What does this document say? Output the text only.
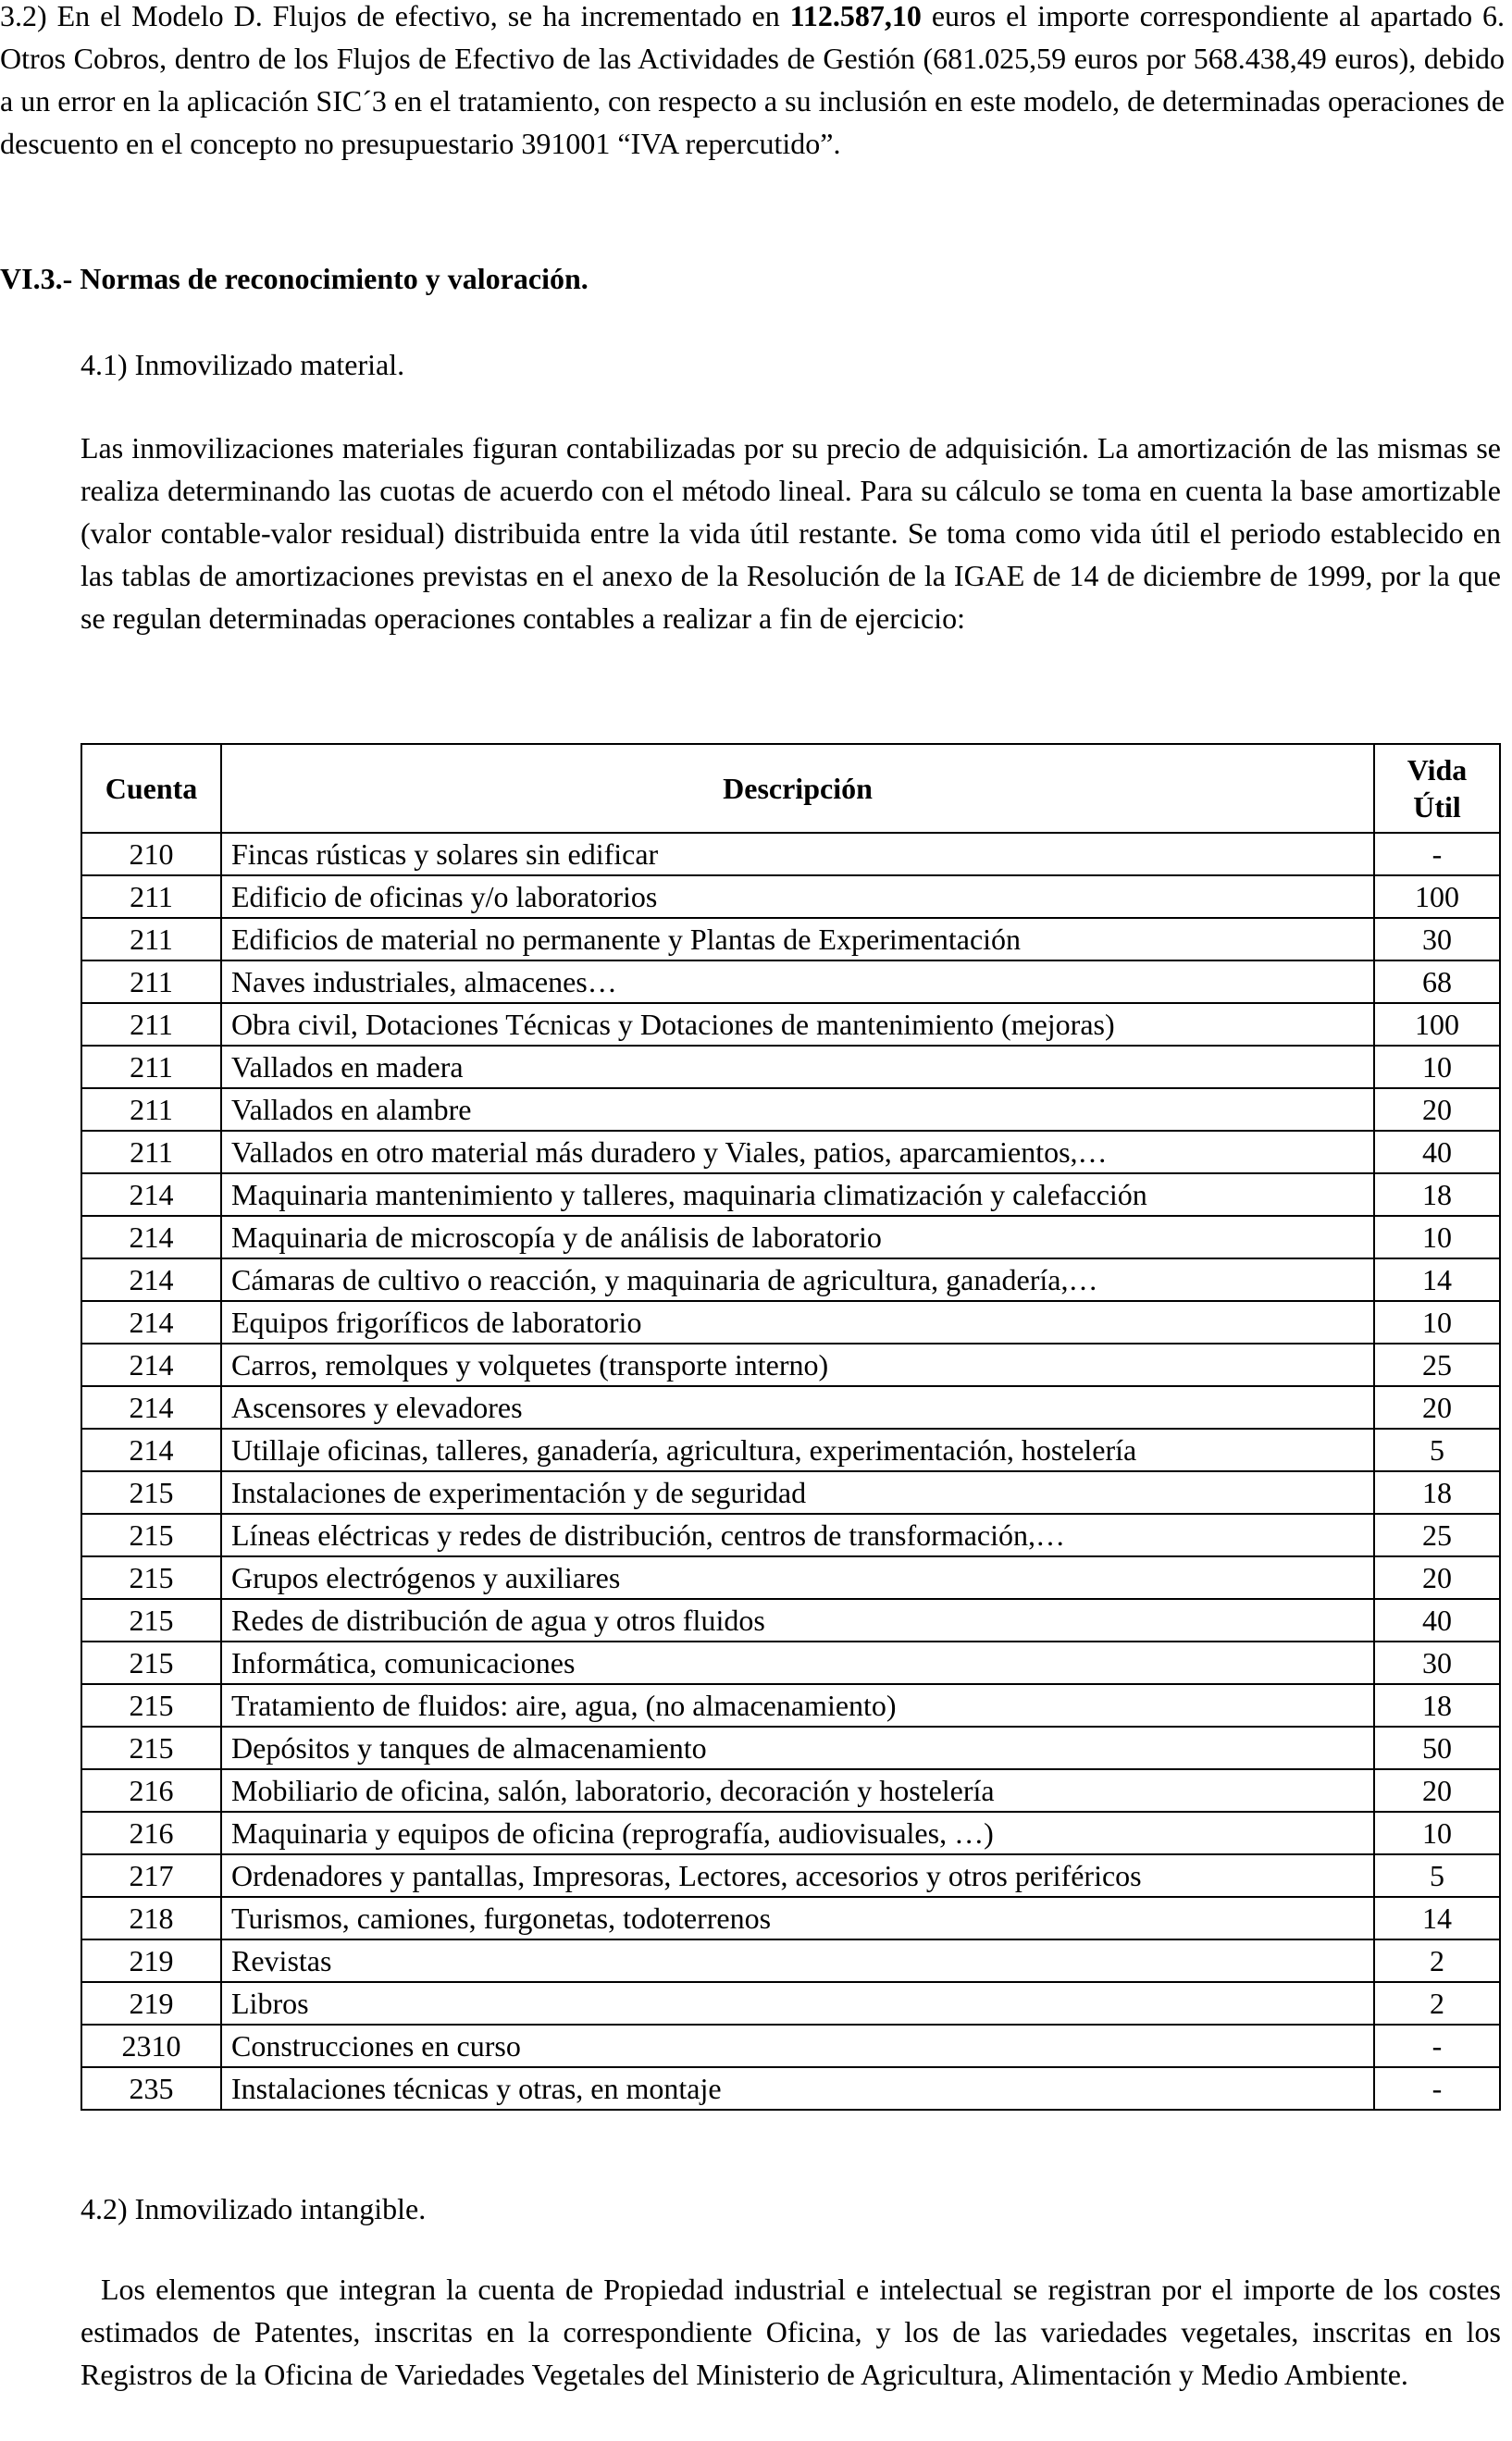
3.2) En el Modelo D. Flujos de efectivo, se ha incrementado en 112.587,10 euros el importe correspondiente al apartado 6. Otros Cobros, dentro de los Flujos de Efectivo de las Actividades de Gestión (681.025,59 euros por 568.438,49 euros), debido a un error en la aplicación SIC´3 en el tratamiento, con respecto a su inclusión en este modelo, de determinadas operaciones de descuento en el concepto no presupuestario 391001 “IVA repercutido”.

VI.3.- Normas de reconocimiento y valoración.

4.1) Inmovilizado material.

Las inmovilizaciones materiales figuran contabilizadas por su precio de adquisición. La amortización de las mismas se realiza determinando las cuotas de acuerdo con el método lineal. Para su cálculo se toma en cuenta la base amortizable (valor contable-valor residual) distribuida entre la vida útil restante. Se toma como vida útil el periodo establecido en las tablas de amortizaciones previstas en el anexo de la Resolución de la IGAE de 14 de diciembre de 1999, por la que se regulan determinadas operaciones contables a realizar a fin de ejercicio:

Cuenta	Descripción	Vida
Útil
210	Fincas rústicas y solares sin edificar	-
211	Edificio de oficinas y/o laboratorios	100
211	Edificios de material no permanente y Plantas de Experimentación	30
211	Naves industriales, almacenes…	68
211	Obra civil, Dotaciones Técnicas y Dotaciones de mantenimiento (mejoras)	100
211	Vallados en madera	10
211	Vallados en alambre	20
211	Vallados en otro material más duradero y Viales, patios, aparcamientos,…	40
214	Maquinaria mantenimiento y talleres, maquinaria climatización y calefacción	18
214	Maquinaria de microscopía y de análisis de laboratorio	10
214	Cámaras de cultivo o reacción, y maquinaria de agricultura, ganadería,…	14
214	Equipos frigoríficos de laboratorio	10
214	Carros, remolques y volquetes (transporte interno)	25
214	Ascensores y elevadores	20
214	Utillaje oficinas, talleres, ganadería, agricultura, experimentación, hostelería	5
215	Instalaciones de experimentación y de seguridad	18
215	Líneas eléctricas y redes de distribución, centros de transformación,…	25
215	Grupos electrógenos y auxiliares	20
215	Redes de distribución de agua y otros fluidos	40
215	Informática, comunicaciones	30
215	Tratamiento de fluidos: aire, agua, (no almacenamiento)	18
215	Depósitos y tanques de almacenamiento	50
216	Mobiliario de oficina, salón, laboratorio, decoración y hostelería	20
216	Maquinaria y equipos de oficina (reprografía, audiovisuales, …)	10
217	Ordenadores y pantallas, Impresoras, Lectores, accesorios y otros periféricos	5
218	Turismos, camiones, furgonetas, todoterrenos	14
219	Revistas	2
219	Libros	2
2310	Construcciones en curso	-
235	Instalaciones técnicas y otras, en montaje	-

4.2) Inmovilizado intangible.

Los elementos que integran la cuenta de Propiedad industrial e intelectual se registran por el importe de los costes estimados de Patentes, inscritas en la correspondiente Oficina, y los de las variedades vegetales, inscritas en los Registros de la Oficina de Variedades Vegetales del Ministerio de Agricultura, Alimentación y Medio Ambiente.
